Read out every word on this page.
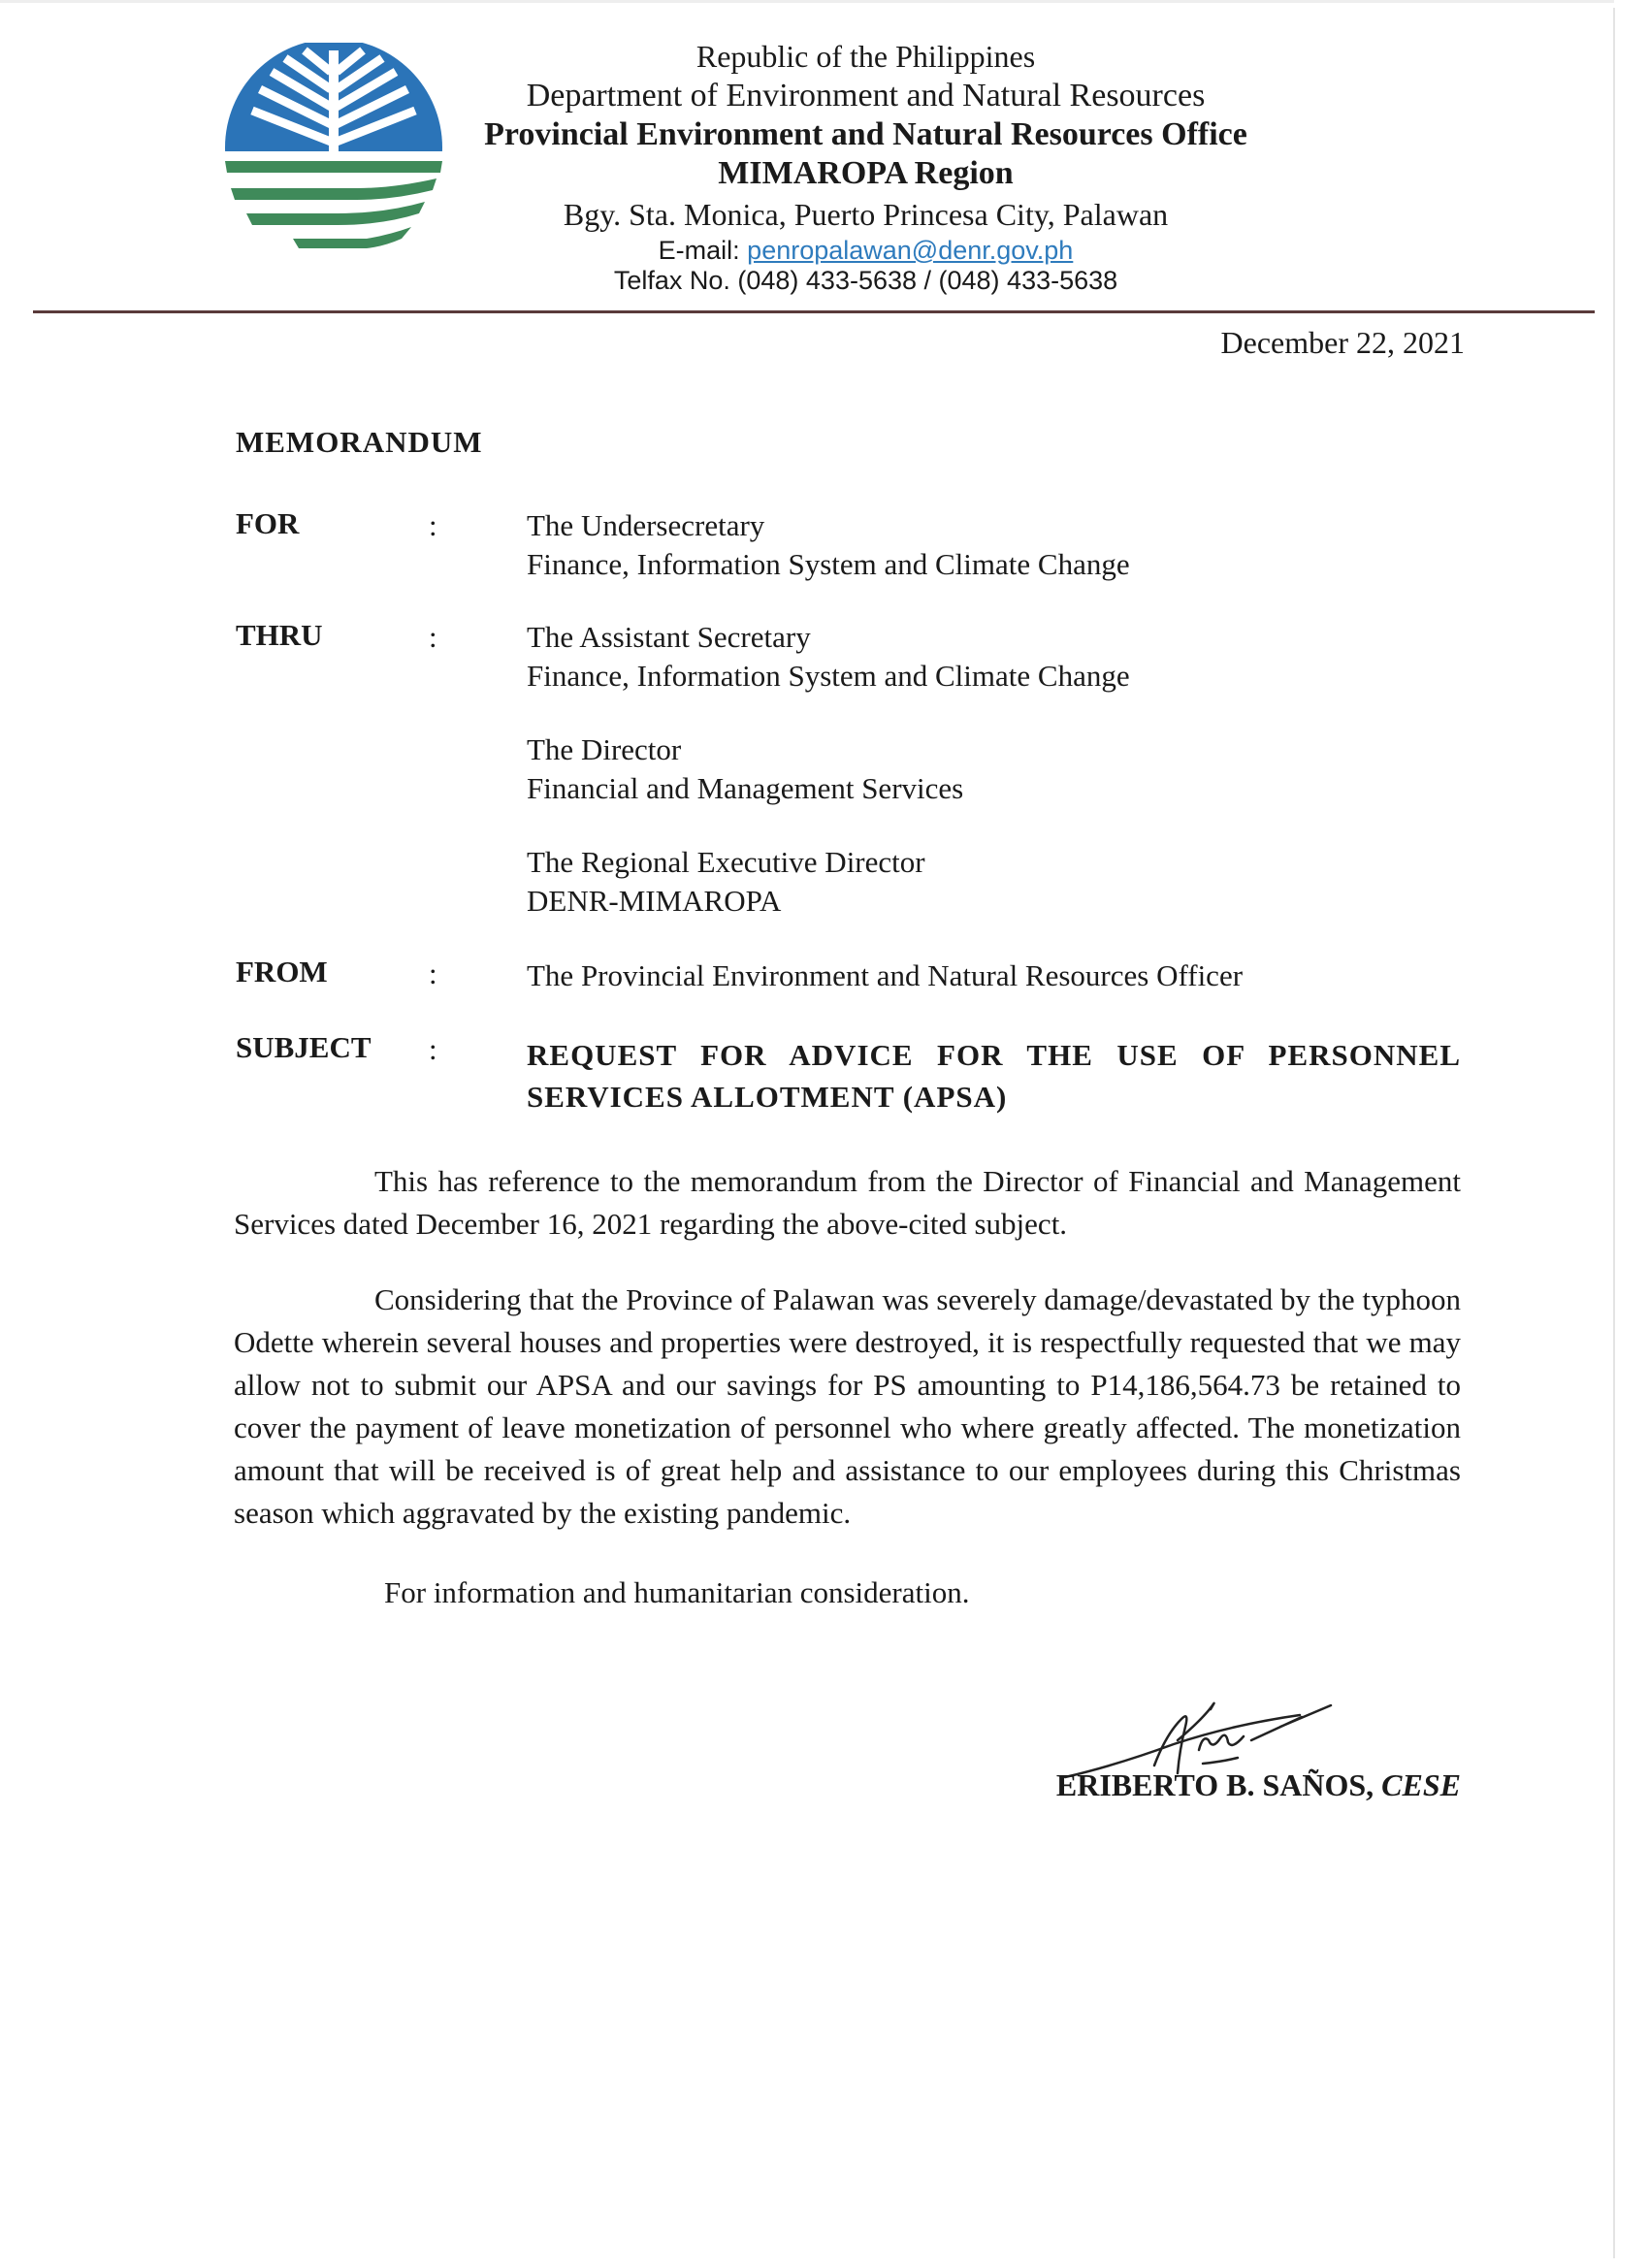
Republic of the Philippines
Department of Environment and Natural Resources
Provincial Environment and Natural Resources Office
MIMAROPA Region
Bgy. Sta. Monica, Puerto Princesa City, Palawan
E-mail: penropalawan@denr.gov.ph
Telfax No. (048) 433-5638 / (048) 433-5638
December 22, 2021
MEMORANDUM
FOR	:	The Undersecretary
Finance, Information System and Climate Change
THRU	:	The Assistant Secretary
Finance, Information System and Climate Change
The Director
Financial and Management Services
The Regional Executive Director
DENR-MIMAROPA
FROM	:	The Provincial Environment and Natural Resources Officer
SUBJECT :	REQUEST FOR ADVICE FOR THE USE OF PERSONNEL SERVICES ALLOTMENT (APSA)
This has reference to the memorandum from the Director of Financial and Management Services dated December 16, 2021 regarding the above-cited subject.
Considering that the Province of Palawan was severely damage/devastated by the typhoon Odette wherein several houses and properties were destroyed, it is respectfully requested that we may allow not to submit our APSA and our savings for PS amounting to P14,186,564.73 be retained to cover the payment of leave monetization of personnel who where greatly affected. The monetization amount that will be received is of great help and assistance to our employees during this Christmas season which aggravated by the existing pandemic.
For information and humanitarian consideration.
ERIBERTO B. SAÑOS, CESE
